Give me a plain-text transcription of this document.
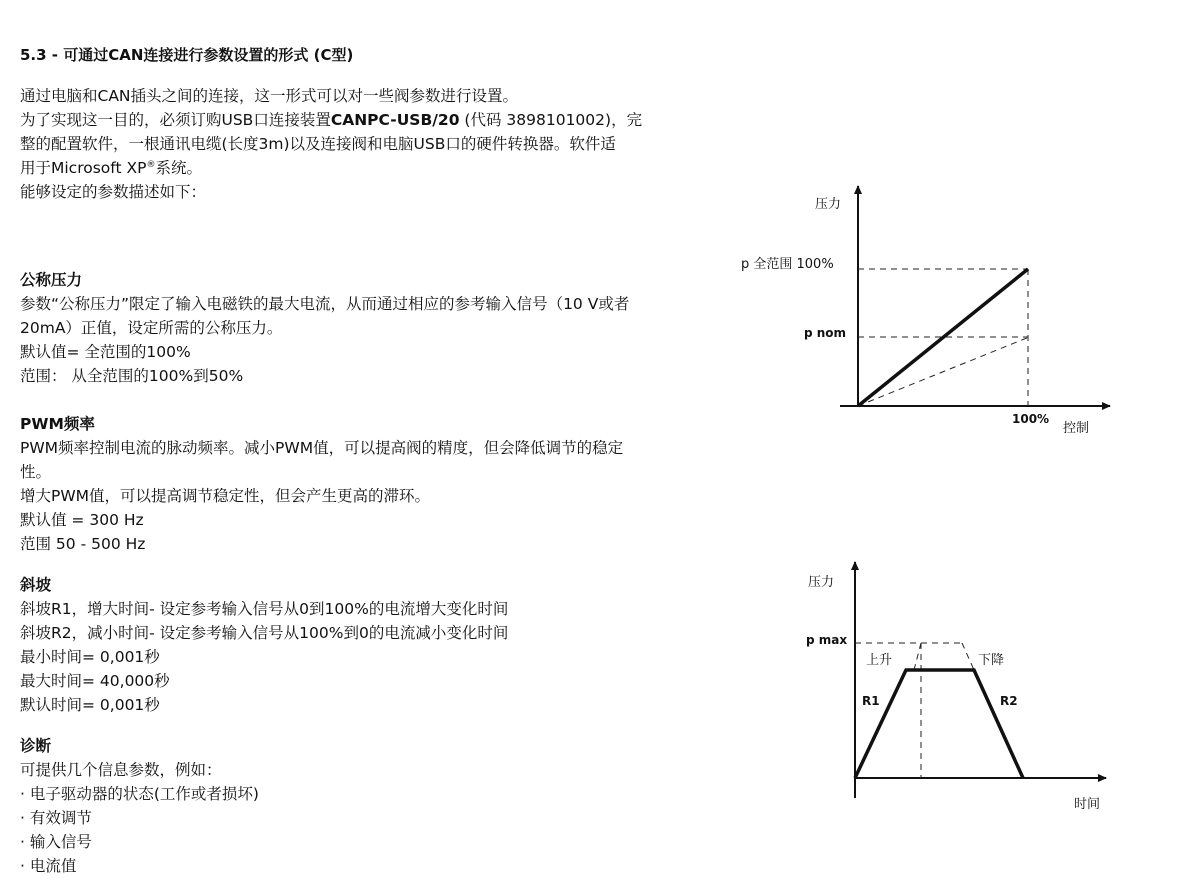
5.3 - 可通过CAN连接进行参数设置的形式 (C型)
通过电脑和CAN插头之间的连接，这一形式可以对一些阀参数进行设置。
为了实现这一目的，必须订购USB口连接装置CANPC-USB/20 (代码 3898101002)，完
整的配置软件，一根通讯电缆(长度3m)以及连接阀和电脑USB口的硬件转换器。软件适
用于Microsoft XP®系统。
能够设定的参数描述如下：
公称压力
参数“公称压力”限定了输入电磁铁的最大电流，从而通过相应的参考输入信号（10 V或者
20mA）正值，设定所需的公称压力。
默认值= 全范围的100%
范围： 从全范围的100%到50%
PWM频率
PWM频率控制电流的脉动频率。减小PWM值，可以提高阀的精度，但会降低调节的稳定
性。
增大PWM值，可以提高调节稳定性，但会产生更高的滞环。
默认值 = 300 Hz
范围 50 - 500 Hz
斜坡
斜坡R1，增大时间- 设定参考输入信号从0到100%的电流增大变化时间
斜坡R2，减小时间- 设定参考输入信号从100%到0的电流减小变化时间
最小时间= 0,001秒
最大时间= 40,000秒
默认时间= 0,001秒
诊断
可提供几个信息参数，例如：
· 电子驱动器的状态(工作或者损坏)
· 有效调节
· 输入信号
· 电流值
压力
控制
p 全范围 100%
p nom
100%
压力
时间
p max
上升	下降
R1	R2
